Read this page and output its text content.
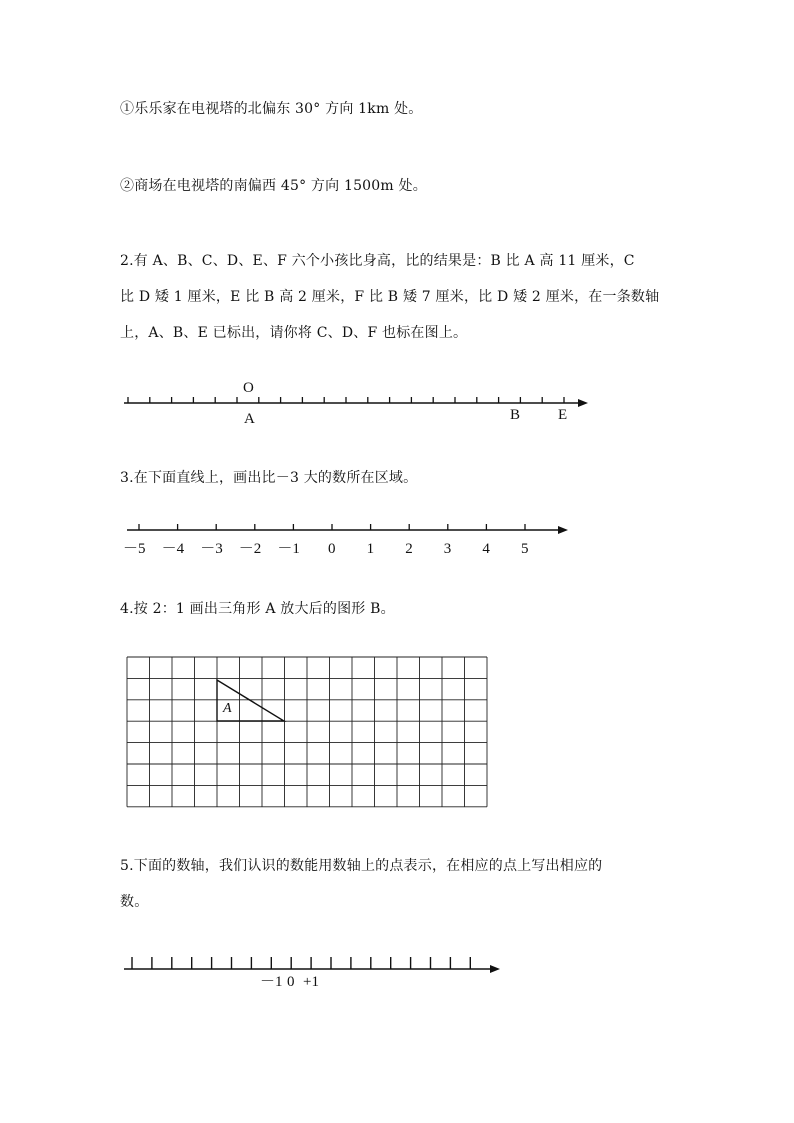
①乐乐家在电视塔的北偏东 30° 方向 1km 处。
②商场在电视塔的南偏西 45° 方向 1500m 处。
2.有 A、B、C、D、E、F 六个小孩比身高，比的结果是：B 比 A 高 11 厘米，C
比 D 矮 1 厘米，E 比 B 高 2 厘米，F 比 B 矮 7 厘米，比 D 矮 2 厘米，在一条数轴
上，A、B、E 已标出，请你将 C、D、F 也标在图上。
O
A	B	E
3.在下面直线上，画出比－3 大的数所在区域。
－5 －4 －3 －2 －1 0 1 2 3 4 5
4.按 2：1 画出三角形 A 放大后的图形 B。
A
5.下面的数轴，我们认识的数能用数轴上的点表示，在相应的点上写出相应的
数。
－1 0 +1
